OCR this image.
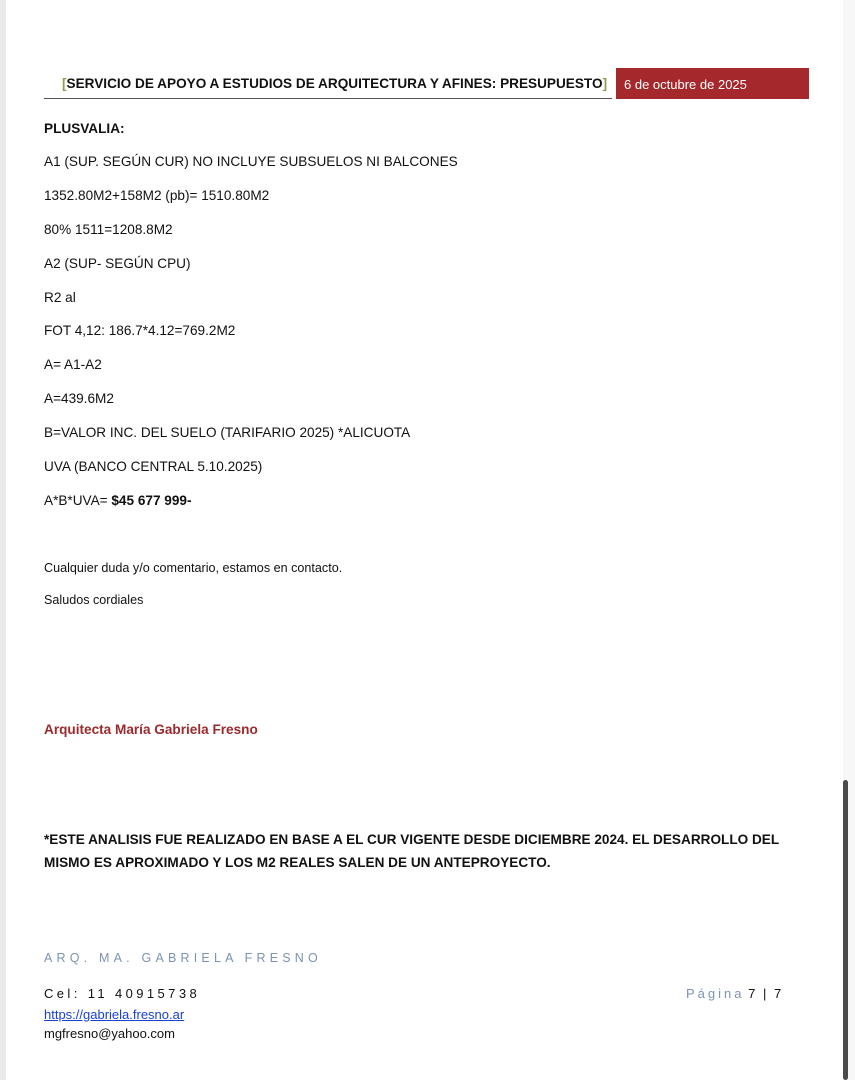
[SERVICIO DE APOYO A ESTUDIOS DE ARQUITECTURA Y AFINES: PRESUPUESTO]	6 de octubre de 2025
PLUSVALIA:
A1 (SUP. SEGÚN CUR) NO INCLUYE SUBSUELOS NI BALCONES
1352.80M2+158M2 (pb)= 1510.80M2
80% 1511=1208.8M2
A2 (SUP- SEGÚN CPU)
R2 al
FOT 4,12: 186.7*4.12=769.2M2
A= A1-A2
A=439.6M2
B=VALOR INC. DEL SUELO (TARIFARIO 2025) *ALICUOTA
UVA (BANCO CENTRAL 5.10.2025)
A*B*UVA= $45 677 999-
Cualquier duda y/o comentario, estamos en contacto.
Saludos cordiales
Arquitecta María Gabriela Fresno
*ESTE ANALISIS FUE REALIZADO EN BASE A EL CUR VIGENTE DESDE DICIEMBRE 2024. EL DESARROLLO DEL MISMO ES APROXIMADO Y LOS M2 REALES SALEN DE UN ANTEPROYECTO.
ARQ. MA. GABRIELA FRESNO
Cel: 11 40915738
https://gabriela.fresno.ar
mgfresno@yahoo.com
Página 7 | 7
